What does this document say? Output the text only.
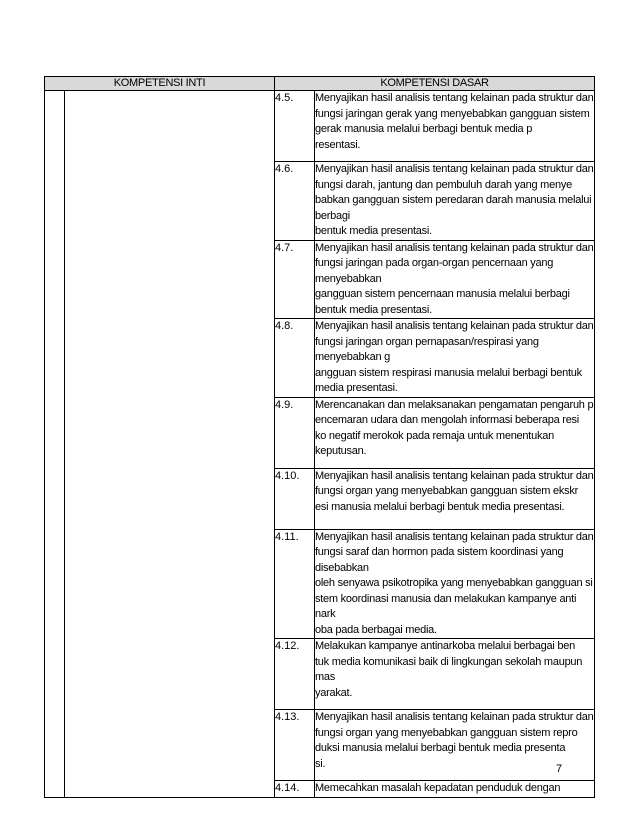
KOMPETENSI INTI		KOMPETENSI DASAR	
		4.5.	Menyajikan hasil analisis tentang kelainan pada struktur dan
fungsi jaringan gerak yang menyebabkan gangguan sistem
gerak manusia melalui berbagi bentuk media p
resentasi.

		4.6.	Menyajikan hasil analisis tentang kelainan pada struktur dan
fungsi darah, jantung dan pembuluh darah yang menye
babkan gangguan sistem peredaran darah manusia melalui berbagi
bentuk media presentasi.

		4.7.	Menyajikan hasil analisis tentang kelainan pada struktur dan
fungsi jaringan pada organ-organ pencernaan yang menyebabkan
gangguan sistem pencernaan manusia melalui berbagi
bentuk media presentasi.

		4.8.	Menyajikan hasil analisis tentang kelainan pada struktur dan
fungsi jaringan organ pernapasan/respirasi yang menyebabkan g
angguan sistem respirasi manusia melalui berbagi bentuk
media presentasi.

		4.9.	Merencanakan dan melaksanakan pengamatan pengaruh p
encemaran udara dan mengolah informasi beberapa resi
ko negatif merokok pada remaja untuk menentukan
keputusan.

		4.10.	Menyajikan hasil analisis tentang kelainan pada struktur dan
fungsi organ yang menyebabkan gangguan sistem ekskr
esi manusia melalui berbagi bentuk media presentasi.

		4.11.	Menyajikan hasil analisis tentang kelainan pada struktur dan
fungsi saraf dan hormon pada sistem koordinasi yang disebabkan
oleh senyawa psikotropika yang menyebabkan gangguan si
stem koordinasi manusia dan melakukan kampanye anti nark
oba pada berbagai media.

		4.12.	Melakukan kampanye antinarkoba melalui berbagai ben
tuk media komunikasi baik di lingkungan sekolah maupun mas
yarakat.

		4.13.	Menyajikan hasil analisis tentang kelainan pada struktur dan
fungsi organ yang menyebabkan gangguan sistem repro
duksi manusia melalui berbagi bentuk media presenta
si.

		4.14.	Memecahkan masalah kepadatan penduduk dengan
7
